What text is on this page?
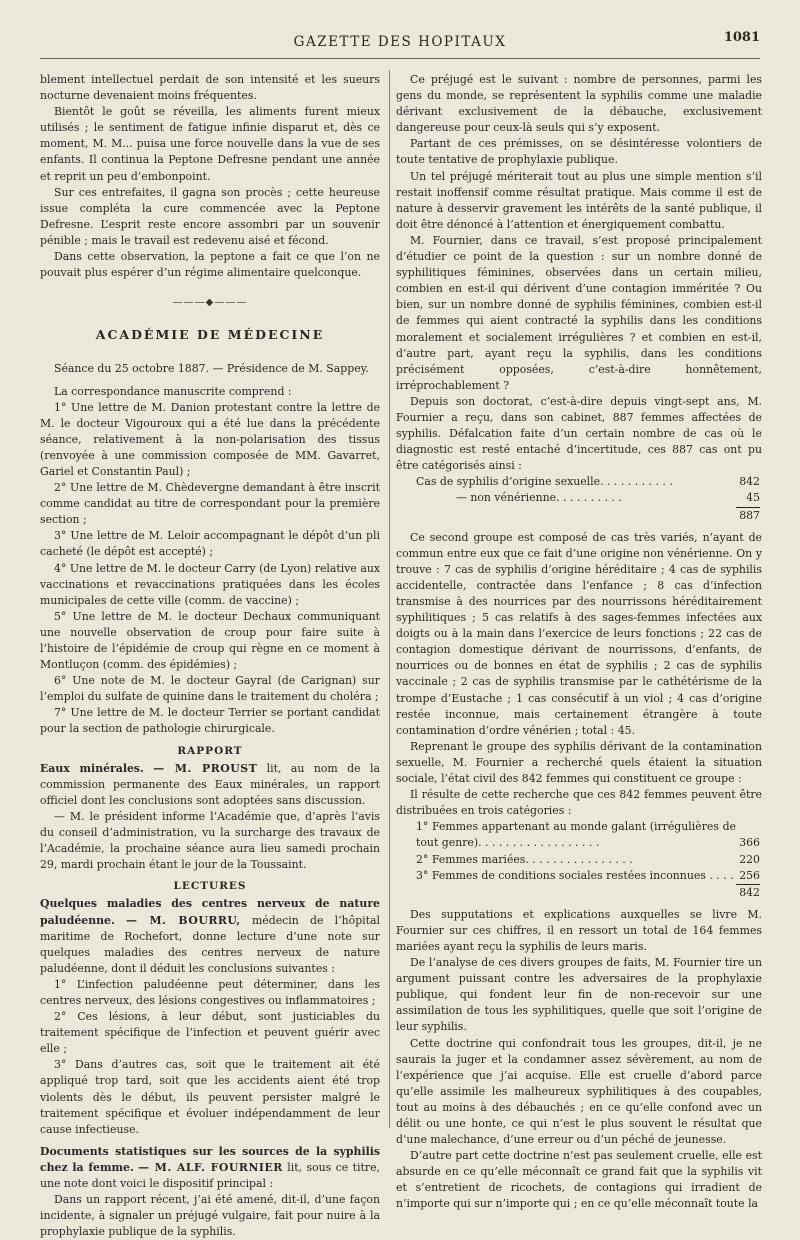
GAZETTE DES HOPITAUX	1081

blement intellectuel perdait de son intensité et les sueurs nocturne devenaient moins fréquentes.

Bientôt le goût se réveilla, les aliments furent mieux utilisés ; le sentiment de fatigue infinie disparut et, dès ce moment, M. M... puisa une force nouvelle dans la vue de ses enfants. Il continua la Peptone Defresne pendant une année et reprit un peu d’embonpoint.

Sur ces entrefaites, il gagna son procès ; cette heureuse issue compléta la cure commencée avec la Peptone Defresne. L’esprit reste encore assombri par un souvenir pénible ; mais le travail est redevenu aisé et fécond.

Dans cette observation, la peptone a fait ce que l’on ne pouvait plus espérer d’un régime alimentaire quelconque.

———◆———
ACADÉMIE DE MÉDECINE

Séance du 25 octobre 1887. — Présidence de M. Sappey.

La correspondance manuscrite comprend :

1° Une lettre de M. Danion protestant contre la lettre de M. le docteur Vigouroux qui a été lue dans la précédente séance, relativement à la non-polarisation des tissus (renvoyée à une commission composée de MM. Gavarret, Gariel et Constantin Paul) ;

2° Une lettre de M. Chèdevergne demandant à être inscrit comme candidat au titre de correspondant pour la première section ;

3° Une lettre de M. Leloir accompagnant le dépôt d’un pli cacheté (le dépôt est accepté) ;

4° Une lettre de M. le docteur Carry (de Lyon) relative aux vaccinations et revaccinations pratiquées dans les écoles municipales de cette ville (comm. de vaccine) ;

5° Une lettre de M. le docteur Dechaux communiquant une nouvelle observation de croup pour faire suite à l’histoire de l’épidémie de croup qui règne en ce moment à Montluçon (comm. des épidémies) ;

6° Une note de M. le docteur Gayral (de Carignan) sur l’emploi du sulfate de quinine dans le traitement du choléra ;

7° Une lettre de M. le docteur Terrier se portant candidat pour la section de pathologie chirurgicale.

RAPPORT

Eaux minérales. — M. PROUST lit, au nom de la commission permanente des Eaux minérales, un rapport officiel dont les conclusions sont adoptées sans discussion.

— M. le président informe l’Académie que, d’après l’avis du conseil d’administration, vu la surcharge des travaux de l’Académie, la prochaine séance aura lieu samedi prochain 29, mardi prochain étant le jour de la Toussaint.

LECTURES

Quelques maladies des centres nerveux de nature paludéenne. — M. BOURRU, médecin de l’hôpital maritime de Rochefort, donne lecture d’une note sur quelques maladies des centres nerveux de nature paludéenne, dont il déduit les conclusions suivantes :

1° L’infection paludéenne peut déterminer, dans les centres nerveux, des lésions congestives ou inflammatoires ;

2° Ces lésions, à leur début, sont justiciables du traitement spécifique de l’infection et peuvent guérir avec elle ;

3° Dans d’autres cas, soit que le traitement ait été appliqué trop tard, soit que les accidents aient été trop violents dès le début, ils peuvent persister malgré le traitement spécifique et évoluer indépendamment de leur cause infectieuse.

Documents statistiques sur les sources de la syphilis chez la femme. — M. ALF. FOURNIER lit, sous ce titre, une note dont voici le dispositif principal :

Dans un rapport récent, j’ai été amené, dit-il, d’une façon incidente, à signaler un préjugé vulgaire, fait pour nuire à la prophylaxie publique de la syphilis.

Ce préjugé est le suivant : nombre de personnes, parmi les gens du monde, se représentent la syphilis comme une maladie dérivant exclusivement de la débauche, exclusivement dangereuse pour ceux-là seuls qui s’y exposent.

Partant de ces prémisses, on se désintéresse volontiers de toute tentative de prophylaxie publique.

Un tel préjugé mériterait tout au plus une simple mention s’il restait inoffensif comme résultat pratique. Mais comme il est de nature à desservir gravement les intérêts de la santé publique, il doit être dénoncé à l’attention et énergiquement combattu.

M. Fournier, dans ce travail, s’est proposé principalement d’étudier ce point de la question : sur un nombre donné de syphilitiques féminines, observées dans un certain milieu, combien en est-il qui dérivent d’une contagion imméritée ? Ou bien, sur un nombre donné de syphilis féminines, combien est-il de femmes qui aient contracté la syphilis dans les conditions moralement et socialement irrégulières ? et combien en est-il, d’autre part, ayant reçu la syphilis, dans les conditions précisément opposées, c’est-à-dire honnêtement, irréprochablement ?

Depuis son doctorat, c’est-à-dire depuis vingt-sept ans, M. Fournier a reçu, dans son cabinet, 887 femmes affectées de syphilis. Défalcation faite d’un certain nombre de cas où le diagnostic est resté entaché d’incertitude, ces 887 cas ont pu être catégorisés ainsi :

Cas de syphilis d’origine sexuelle. . . . . . . . . . .	842
— non vénérienne. . . . . . . . . .	45
887

Ce second groupe est composé de cas très variés, n’ayant de commun entre eux que ce fait d’une origine non vénérienne. On y trouve : 7 cas de syphilis d’origine héréditaire ; 4 cas de syphilis accidentelle, contractée dans l’enfance ; 8 cas d’infection transmise à des nourrices par des nourrissons héréditairement syphilitiques ; 5 cas relatifs à des sages-femmes infectées aux doigts ou à la main dans l’exercice de leurs fonctions ; 22 cas de contagion domestique dérivant de nourrissons, d’enfants, de nourrices ou de bonnes en état de syphilis ; 2 cas de syphilis vaccinale ; 2 cas de syphilis transmise par le cathétérisme de la trompe d’Eustache ; 1 cas consécutif à un viol ; 4 cas d’origine restée inconnue, mais certainement étrangère à toute contamination d’ordre vénérien ; total : 45.

Reprenant le groupe des syphilis dérivant de la contamination sexuelle, M. Fournier a recherché quels étaient la situation sociale, l’état civil des 842 femmes qui constituent ce groupe :

Il résulte de cette recherche que ces 842 femmes peuvent être distribuées en trois catégories :

1° Femmes appartenant au monde galant (irrégulières de tout genre). . . . . . . . . . . . . . . . . .	366
2° Femmes mariées. . . . . . . . . . . . . . . .	220
3° Femmes de conditions sociales restées inconnues . . . . 256
842

Des supputations et explications auxquelles se livre M. Fournier sur ces chiffres, il en ressort un total de 164 femmes mariées ayant reçu la syphilis de leurs maris.

De l’analyse de ces divers groupes de faits, M. Fournier tire un argument puissant contre les adversaires de la prophylaxie publique, qui fondent leur fin de non-recevoir sur une assimilation de tous les syphilitiques, quelle que soit l’origine de leur syphilis.

Cette doctrine qui confondrait tous les groupes, dit-il, je ne saurais la juger et la condamner assez sévèrement, au nom de l’expérience que j’ai acquise. Elle est cruelle d’abord parce qu’elle assimile les malheureux syphilitiques à des coupables, tout au moins à des débauchés ; en ce qu’elle confond avec un délit ou une honte, ce qui n’est le plus souvent le résultat que d’une malechance, d’une erreur ou d’un péché de jeunesse.

D’autre part cette doctrine n’est pas seulement cruelle, elle est absurde en ce qu’elle méconnaît ce grand fait que la syphilis vit et s’entretient de ricochets, de contagions qui irradient de n’importe qui sur n’importe qui ; en ce qu’elle méconnaît toute la
